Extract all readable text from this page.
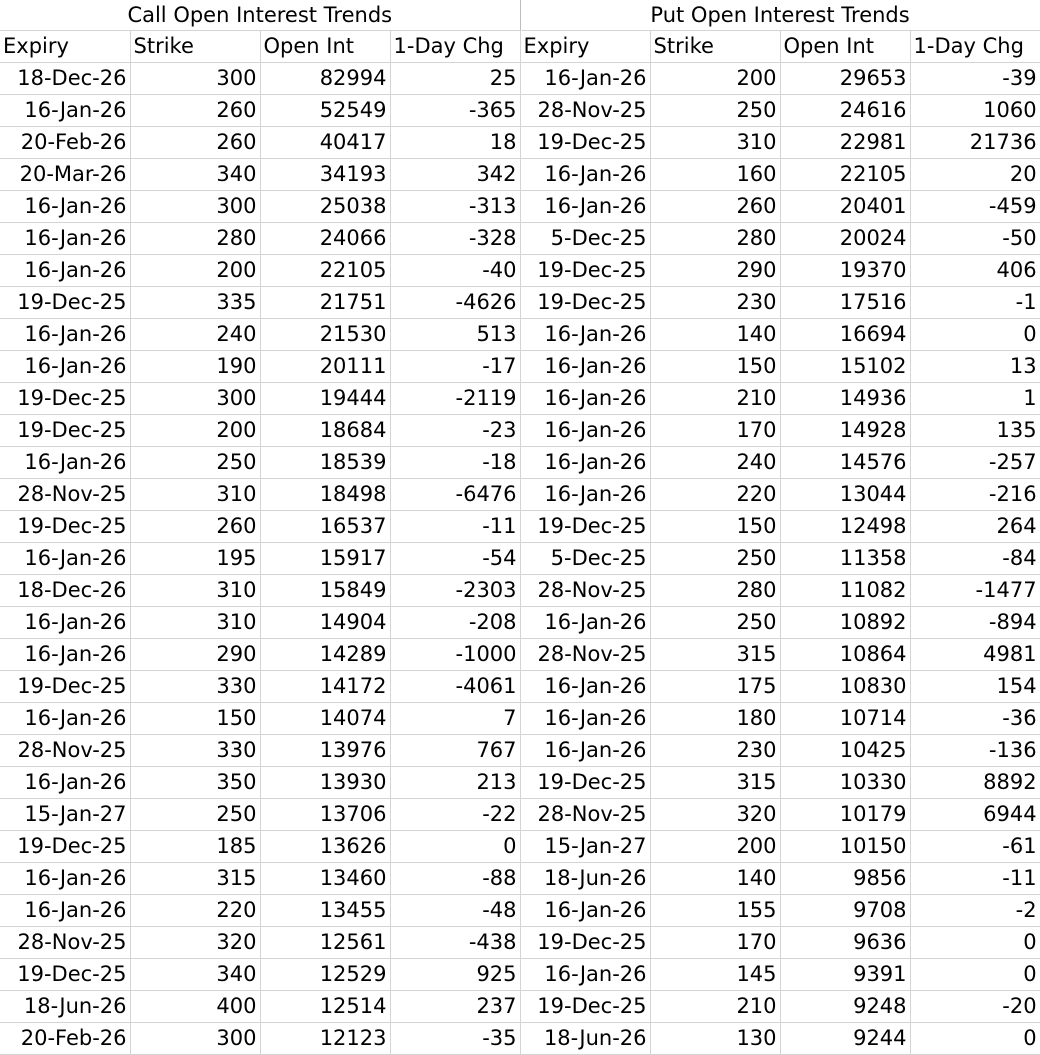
Call Open Interest Trends				Put Open Interest Trends			
Expiry	Strike	Open Int	1-Day Chg	Expiry	Strike	Open Int	1-Day Chg
18-Dec-26	300	82994	25	16-Jan-26	200	29653	-39
16-Jan-26	260	52549	-365	28-Nov-25	250	24616	1060
20-Feb-26	260	40417	18	19-Dec-25	310	22981	21736
20-Mar-26	340	34193	342	16-Jan-26	160	22105	20
16-Jan-26	300	25038	-313	16-Jan-26	260	20401	-459
16-Jan-26	280	24066	-328	5-Dec-25	280	20024	-50
16-Jan-26	200	22105	-40	19-Dec-25	290	19370	406
19-Dec-25	335	21751	-4626	19-Dec-25	230	17516	-1
16-Jan-26	240	21530	513	16-Jan-26	140	16694	0
16-Jan-26	190	20111	-17	16-Jan-26	150	15102	13
19-Dec-25	300	19444	-2119	16-Jan-26	210	14936	1
19-Dec-25	200	18684	-23	16-Jan-26	170	14928	135
16-Jan-26	250	18539	-18	16-Jan-26	240	14576	-257
28-Nov-25	310	18498	-6476	16-Jan-26	220	13044	-216
19-Dec-25	260	16537	-11	19-Dec-25	150	12498	264
16-Jan-26	195	15917	-54	5-Dec-25	250	11358	-84
18-Dec-26	310	15849	-2303	28-Nov-25	280	11082	-1477
16-Jan-26	310	14904	-208	16-Jan-26	250	10892	-894
16-Jan-26	290	14289	-1000	28-Nov-25	315	10864	4981
19-Dec-25	330	14172	-4061	16-Jan-26	175	10830	154
16-Jan-26	150	14074	7	16-Jan-26	180	10714	-36
28-Nov-25	330	13976	767	16-Jan-26	230	10425	-136
16-Jan-26	350	13930	213	19-Dec-25	315	10330	8892
15-Jan-27	250	13706	-22	28-Nov-25	320	10179	6944
19-Dec-25	185	13626	0	15-Jan-27	200	10150	-61
16-Jan-26	315	13460	-88	18-Jun-26	140	9856	-11
16-Jan-26	220	13455	-48	16-Jan-26	155	9708	-2
28-Nov-25	320	12561	-438	19-Dec-25	170	9636	0
19-Dec-25	340	12529	925	16-Jan-26	145	9391	0
18-Jun-26	400	12514	237	19-Dec-25	210	9248	-20
20-Feb-26	300	12123	-35	18-Jun-26	130	9244	0
